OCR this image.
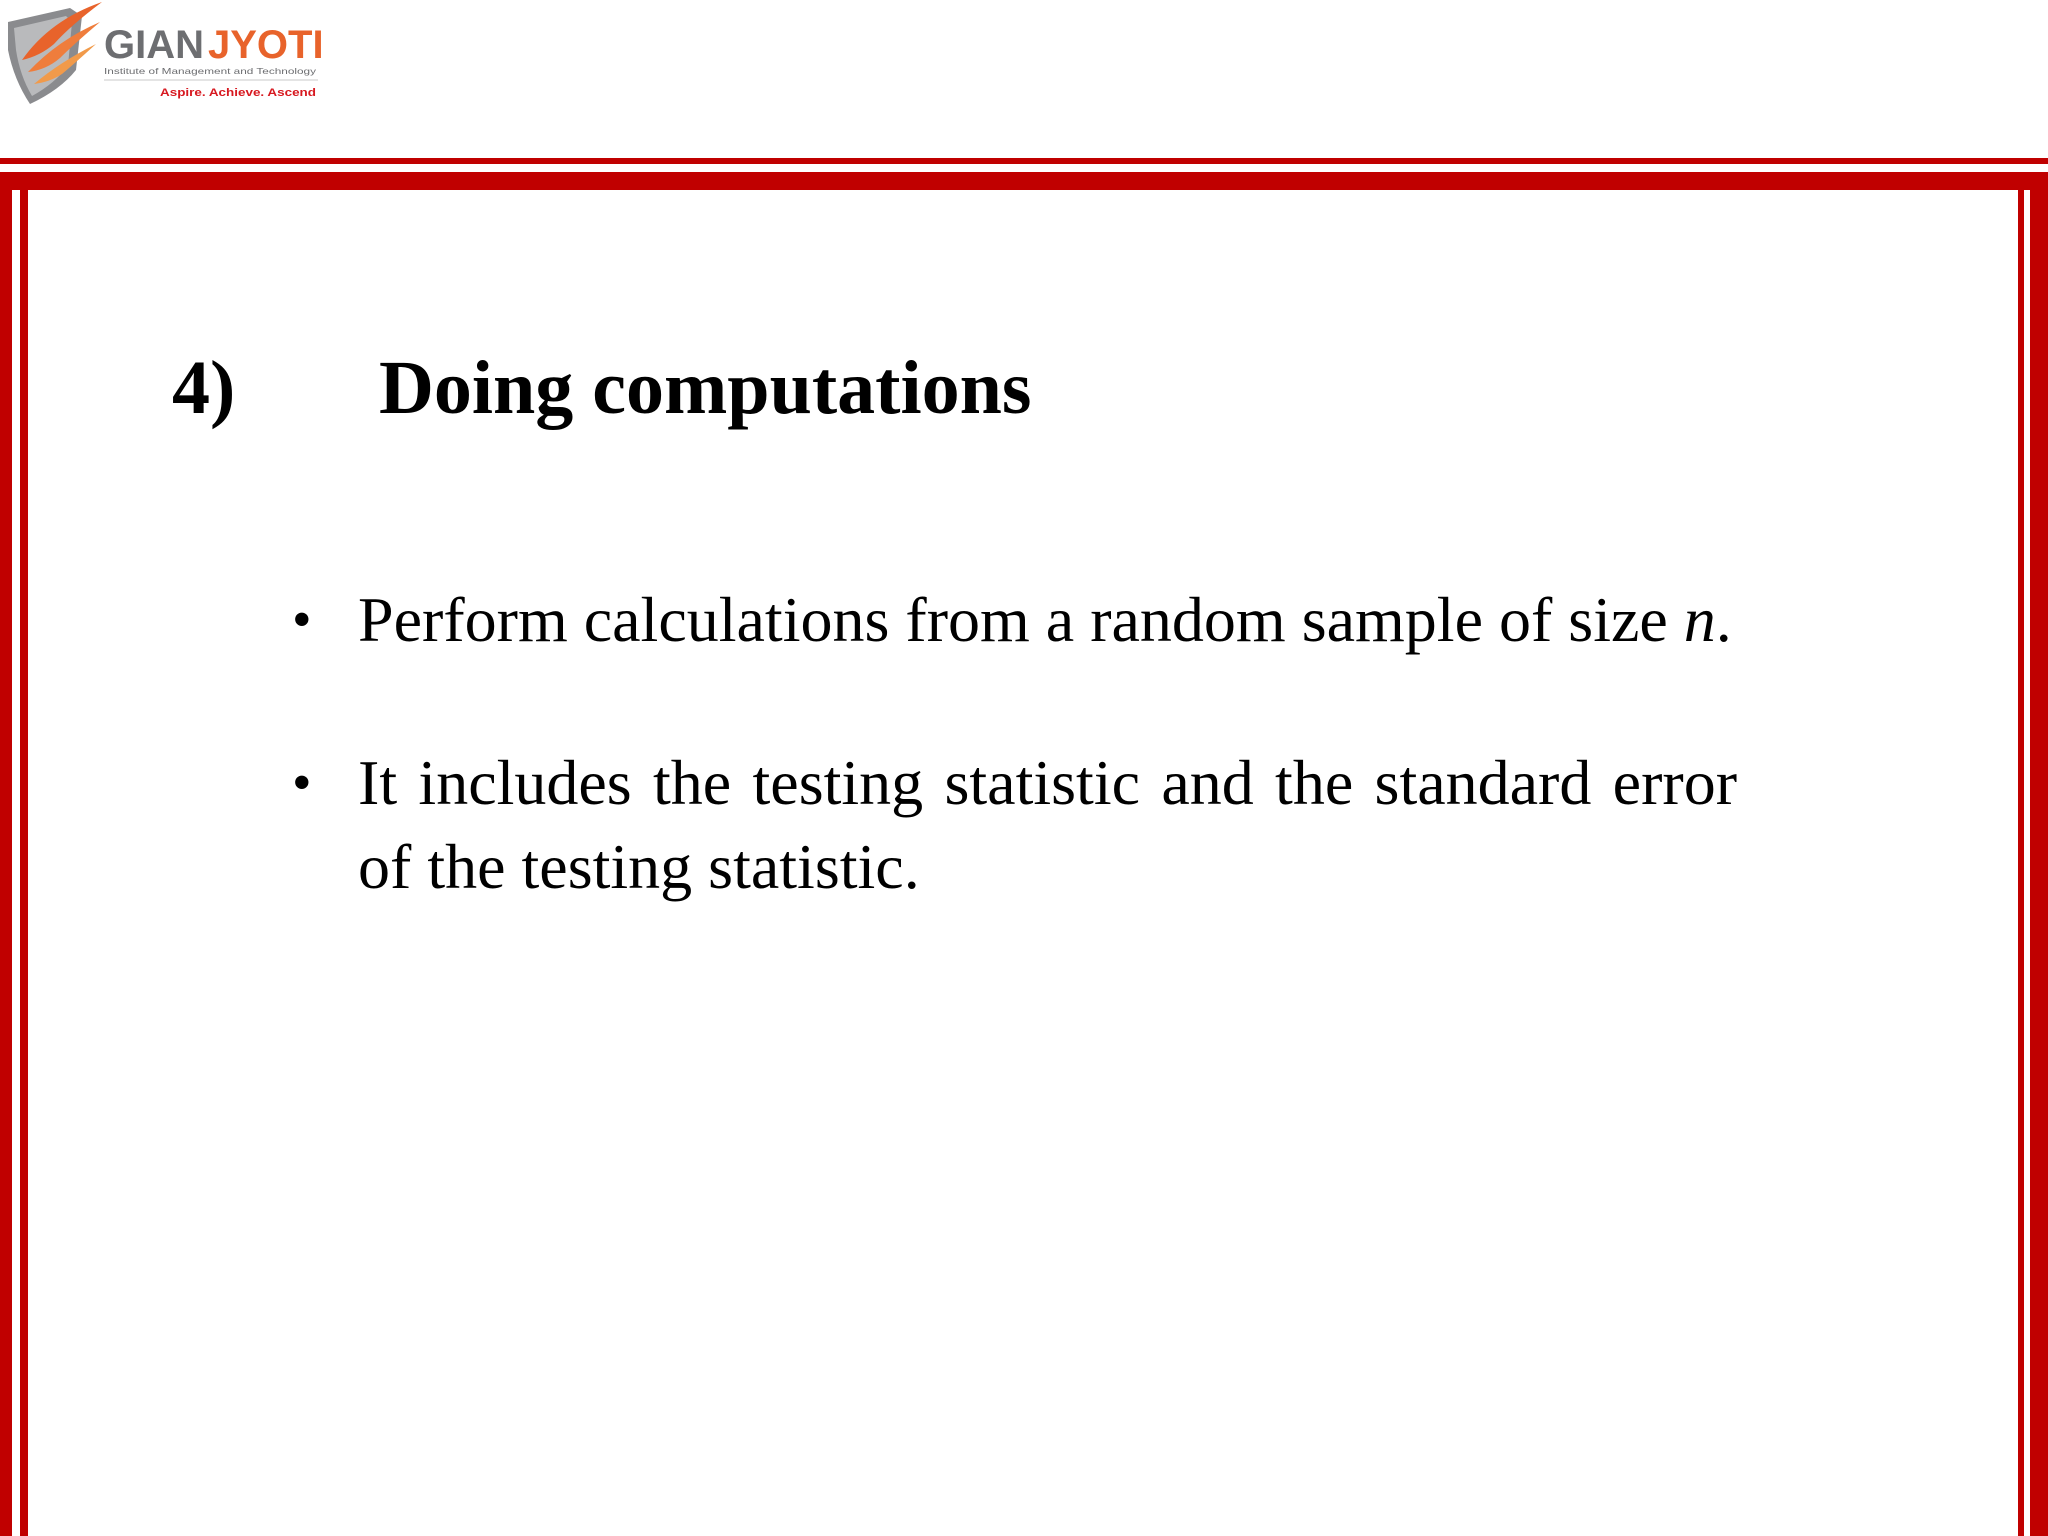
GIAN JYOTI
Institute of Management and Technology
Aspire. Achieve. Ascend
4)	Doing computations
• Perform calculations from a random sample of size n.
• It includes the testing statistic and the standard error of the testing statistic.
